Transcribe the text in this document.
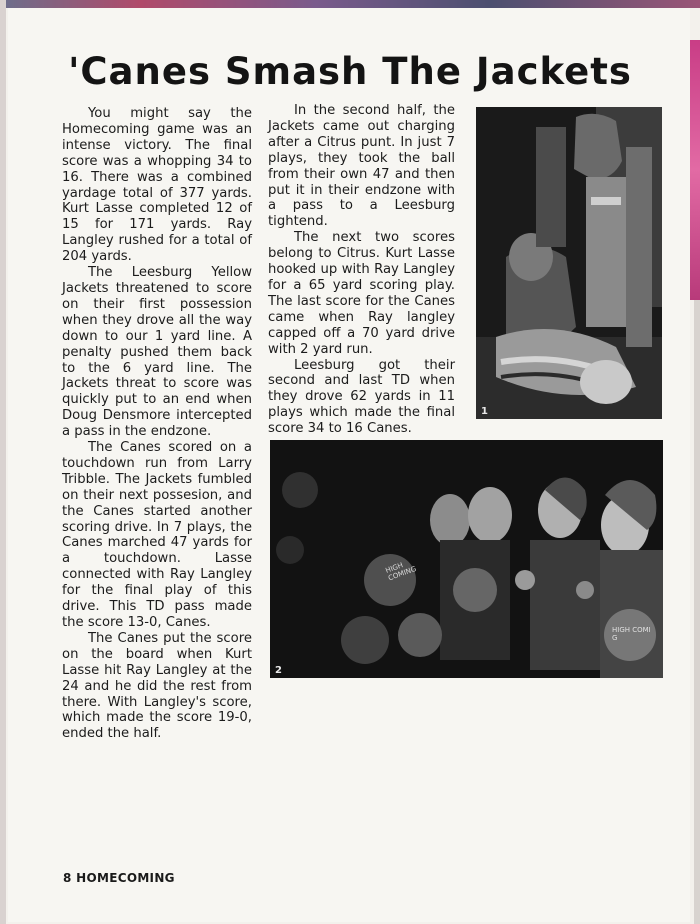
'Canes Smash The Jackets

You might say the Homecoming game was an intense victory. The final score was a whopping 34 to 16. There was a combined yardage total of 377 yards. Kurt Lasse completed 12 of 15 for 171 yards. Ray Langley rushed for a total of 204 yards.

The Leesburg Yellow Jackets threatened to score on their first possession when they drove all the way down to our 1 yard line. A penalty pushed them back to the 6 yard line. The Jackets threat to score was quickly put to an end when Doug Densmore intercepted a pass in the endzone.

The Canes scored on a touchdown run from Larry Tribble. The Jackets fumbled on their next possesion, and the Canes started another scoring drive. In 7 plays, the Canes marched 47 yards for a touchdown. Lasse connected with Ray Langley for the final play of this drive. This TD pass made the score 13-0, Canes.

The Canes put the score on the board when Kurt Lasse hit Ray Langley at the 24 and he did the rest from there. With Langley's score, which made the score 19-0, ended the half.

In the second half, the Jackets came out charging after a Citrus punt. In just 7 plays, they took the ball from their own 47 and then put it in their endzone with a pass to a Leesburg tightend.

The next two scores belong to Citrus. Kurt Lasse hooked up with Ray Langley for a 65 yard scoring play. The last score for the Canes came when Ray langley capped off a 70 yard drive with 2 yard run.

Leesburg got their second and last TD when they drove 62 yards in 11 plays which made the final score 34 to 16 Canes.

1
HIGH COMING
HIGH COMI G
2
8 HOMECOMING
